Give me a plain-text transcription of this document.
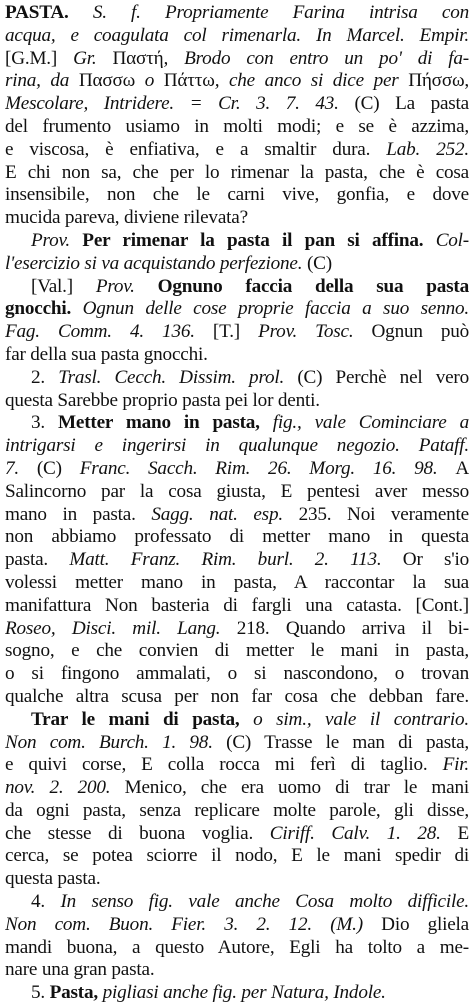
PASTA. S. f. Propriamente Farina intrisa con
acqua, e coagulata col rimenarla. In Marcel. Empir.
[G.M.] Gr. Παστή, Brodo con entro un po' di fa-
rina, da Πασσω o Πάττω, che anco si dice per Πήσσω,
Mescolare, Intridere. = Cr. 3. 7. 43. (C) La pasta
del frumento usiamo in molti modi; e se è azzima,
e viscosa, è enfiativa, e a smaltir dura. Lab. 252.
E chi non sa, che per lo rimenar la pasta, che è cosa
insensibile, non che le carni vive, gonfia, e dove
mucida pareva, diviene rilevata?
Prov. Per rimenar la pasta il pan si affina. Col-
l'esercizio si va acquistando perfezione. (C)
[Val.] Prov. Ognuno faccia della sua pasta
gnocchi. Ognun delle cose proprie faccia a suo senno.
Fag. Comm. 4. 136. [T.] Prov. Tosc. Ognun può
far della sua pasta gnocchi.
2. Trasl. Cecch. Dissim. prol. (C) Perchè nel vero
questa Sarebbe proprio pasta pei lor denti.
3. Metter mano in pasta, fig., vale Cominciare a
intrigarsi e ingerirsi in qualunque negozio. Pataff.
7. (C) Franc. Sacch. Rim. 26. Morg. 16. 98. A
Salincorno par la cosa giusta, E pentesi aver messo
mano in pasta. Sagg. nat. esp. 235. Noi veramente
non abbiamo professato di metter mano in questa
pasta. Matt. Franz. Rim. burl. 2. 113. Or s'io
volessi metter mano in pasta, A raccontar la sua
manifattura Non basteria di fargli una catasta. [Cont.]
Roseo, Disci. mil. Lang. 218. Quando arriva il bi-
sogno, e che convien di metter le mani in pasta,
o si fingono ammalati, o si nascondono, o trovan
qualche altra scusa per non far cosa che debban fare.
Trar le mani di pasta, o sim., vale il contrario.
Non com. Burch. 1. 98. (C) Trasse le man di pasta,
e quivi corse, E colla rocca mi ferì di taglio. Fir.
nov. 2. 200. Menico, che era uomo di trar le mani
da ogni pasta, senza replicare molte parole, gli disse,
che stesse di buona voglia. Ciriff. Calv. 1. 28. E
cerca, se potea sciorre il nodo, E le mani spedir di
questa pasta.
4. In senso fig. vale anche Cosa molto difficile.
Non com. Buon. Fier. 3. 2. 12. (M.) Dio gliela
mandi buona, a questo Autore, Egli ha tolto a me-
nare una gran pasta.
5. Pasta, pigliasi anche fig. per Natura, Indole.
